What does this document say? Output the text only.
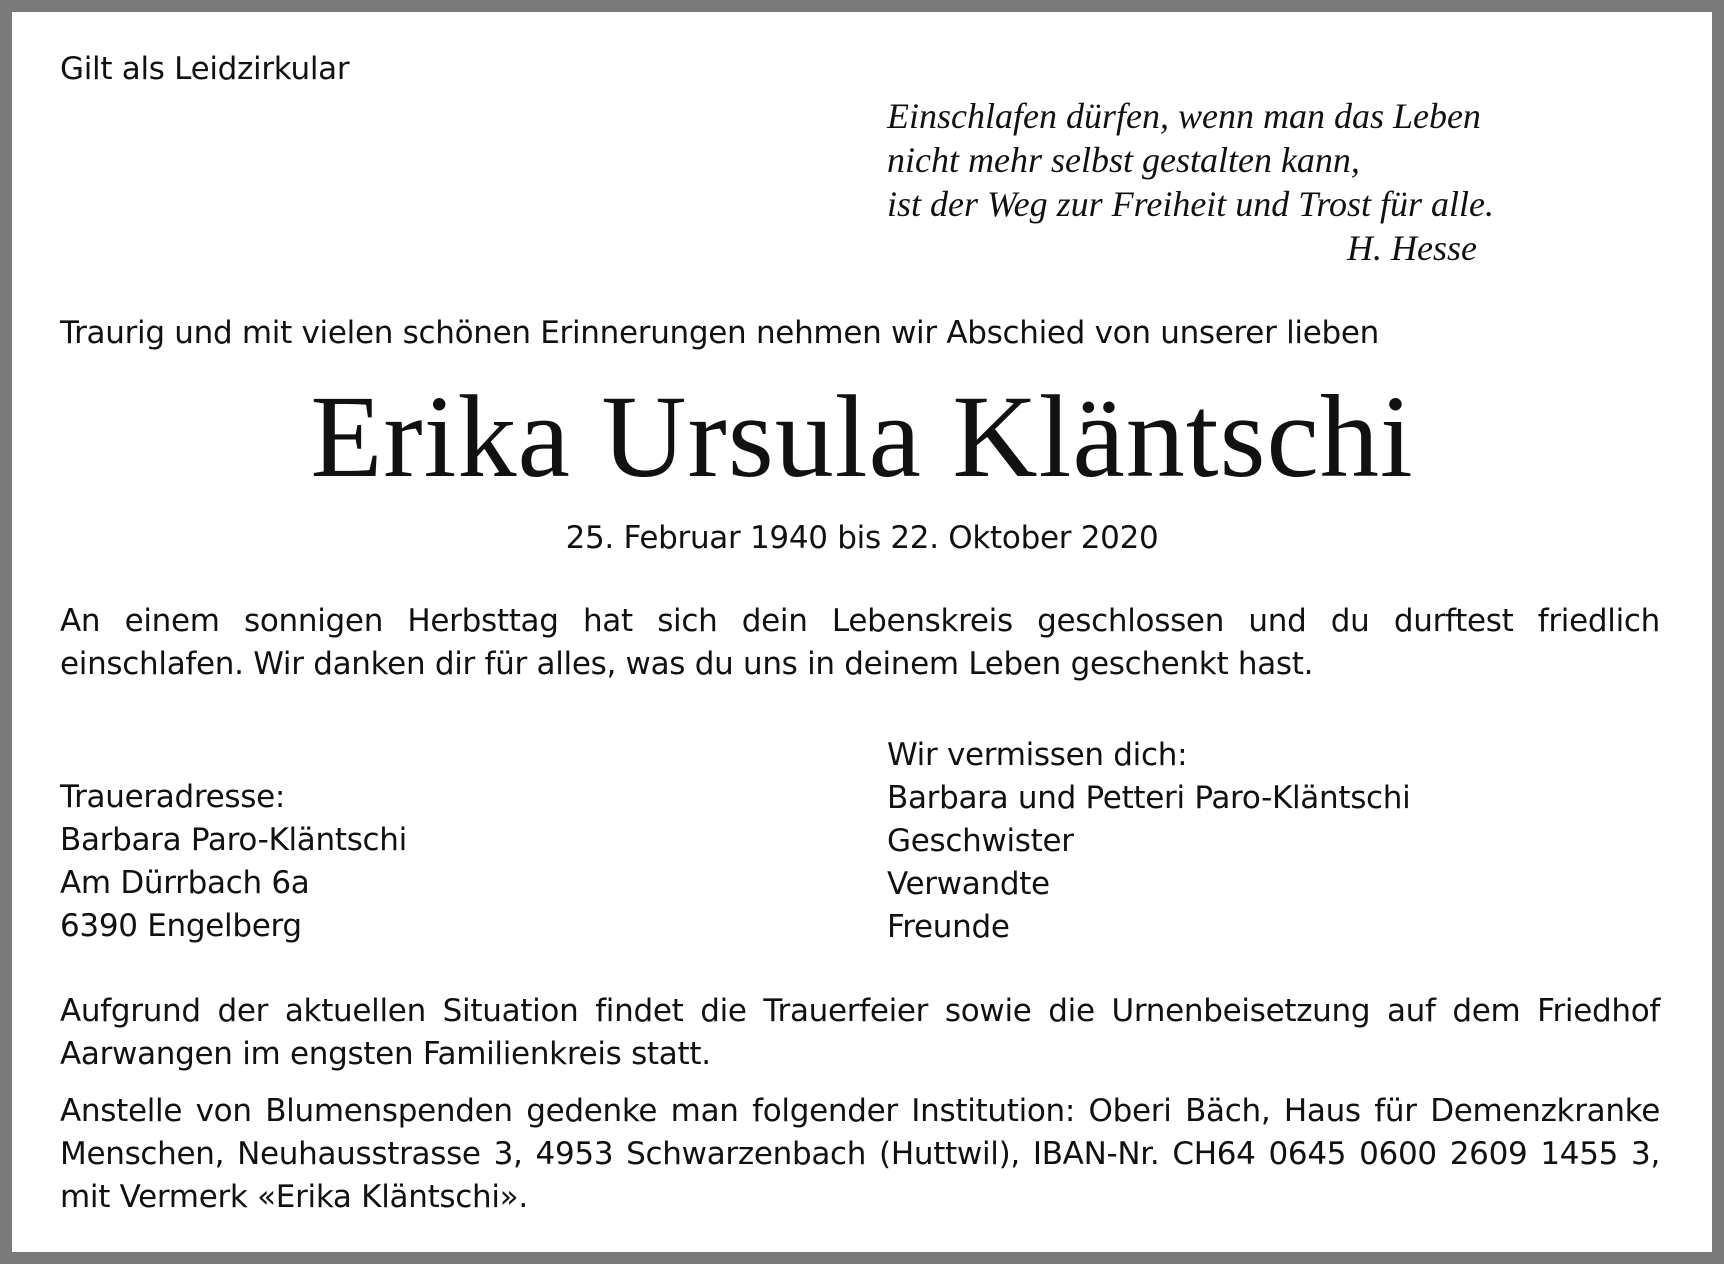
Gilt als Leidzirkular

Einschlafen dürfen, wenn man das Leben
nicht mehr selbst gestalten kann,
ist der Weg zur Freiheit und Trost für alle.
H. Hesse

Traurig und mit vielen schönen Erinnerungen nehmen wir Abschied von unserer lieben

Erika Ursula Kläntschi

25. Februar 1940 bis 22. Oktober 2020

An einem sonnigen Herbsttag hat sich dein Lebenskreis geschlossen und du durftest friedlich einschlafen. Wir danken dir für alles, was du uns in deinem Leben geschenkt hast.

Traueradresse:
Barbara Paro-Kläntschi
Am Dürrbach 6a
6390 Engelberg
Wir vermissen dich:
Barbara und Petteri Paro-Kläntschi
Geschwister
Verwandte
Freunde

Aufgrund der aktuellen Situation findet die Trauerfeier sowie die Urnenbeisetzung auf dem Friedhof Aarwangen im engsten Familienkreis statt.

Anstelle von Blumenspenden gedenke man folgender Institution: Oberi Bäch, Haus für Demenzkranke Menschen, Neuhausstrasse 3, 4953 Schwarzenbach (Huttwil), IBAN-Nr. CH64 0645 0600 2609 1455 3, mit Vermerk «Erika Kläntschi».
